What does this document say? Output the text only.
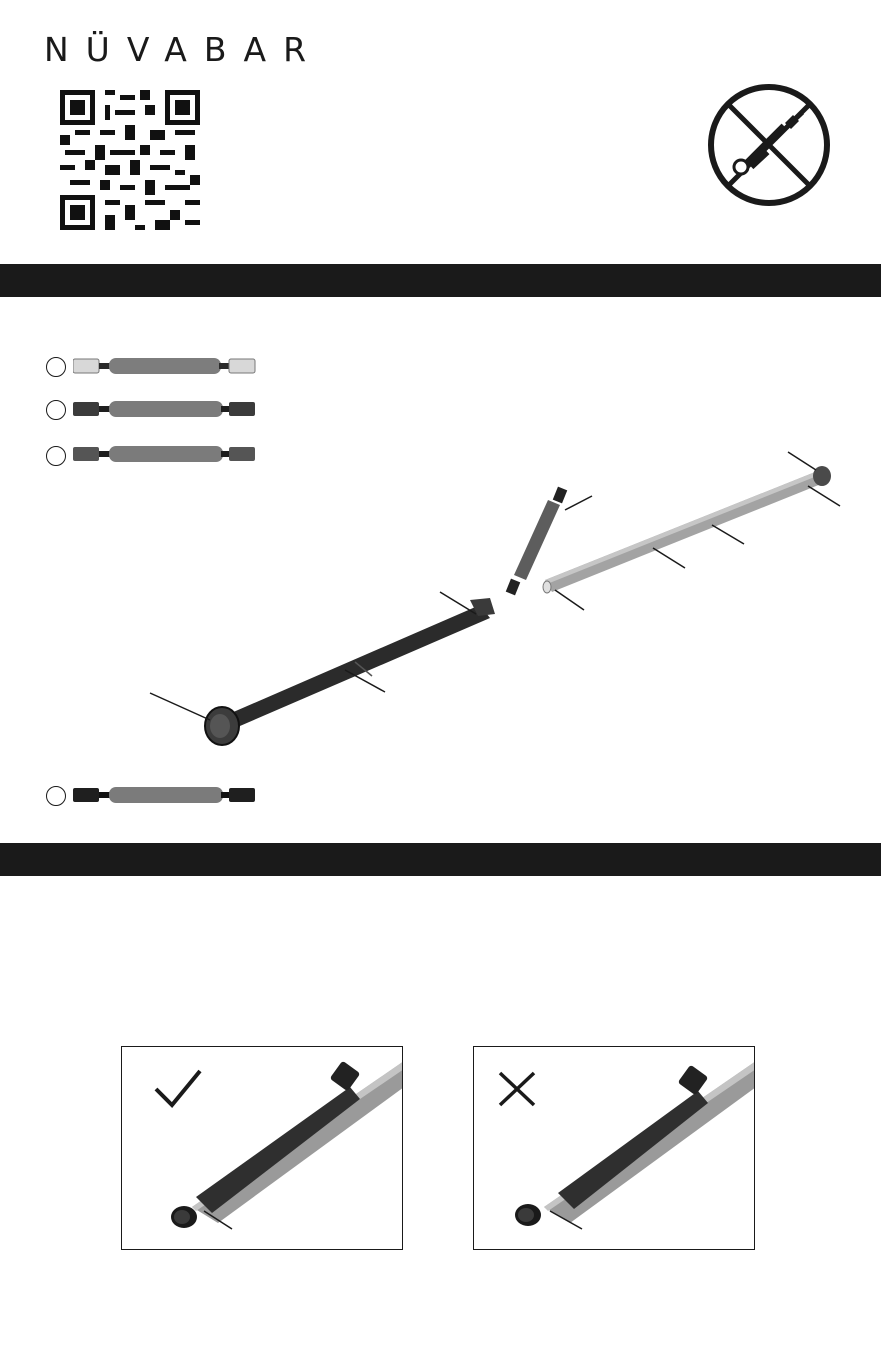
NÜVABAR
• Select desired level of resistance and insert the RESISTANCE BAND with COLOR END CAP into INNER TUBE SUPPORT.
• Make sure RESISTANCE BAND with COLOR END CAP is fully inserted into the INNER TUBE SUPPORT without any gap.
